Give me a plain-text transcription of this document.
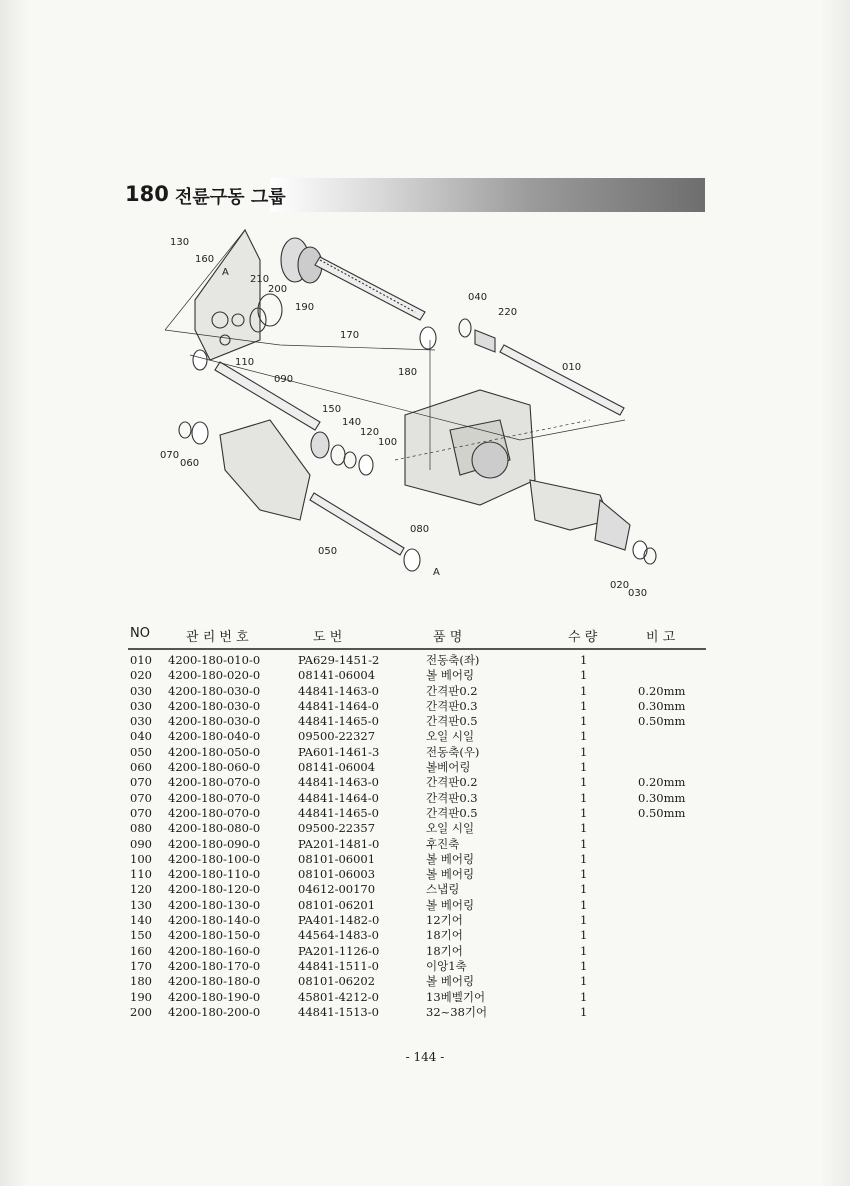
180 전륜구동 그룹
130
160
A
210
200
190
170
110
180
040
220
010
090
150
140
120
100
070
060
050
080
A
020
030
NO	관 리 번 호	도 번	품 명	수 량	비 고
010 4200-180-010-0	PA629-1451-2	전동축(좌)	1
020 4200-180-020-0	08141-06004	볼 베어링	1
030 4200-180-030-0	44841-1463-0	간격판0.2	1	0.20mm
030 4200-180-030-0	44841-1464-0	간격판0.3	1	0.30mm
030 4200-180-030-0	44841-1465-0	간격판0.5	1	0.50mm
040 4200-180-040-0	09500-22327	오일 시일	1
050 4200-180-050-0	PA601-1461-3	전동축(우)	1
060 4200-180-060-0	08141-06004	볼베어링	1
070 4200-180-070-0	44841-1463-0	간격판0.2	1	0.20mm
070 4200-180-070-0	44841-1464-0	간격판0.3	1	0.30mm
070 4200-180-070-0	44841-1465-0	간격판0.5	1	0.50mm
080 4200-180-080-0	09500-22357	오일 시일	1
090 4200-180-090-0	PA201-1481-0	후진축	1
100 4200-180-100-0	08101-06001	볼 베어링	1
110 4200-180-110-0	08101-06003	볼 베어링	1
120 4200-180-120-0	04612-00170	스냅링	1
130 4200-180-130-0	08101-06201	볼 베어링	1
140 4200-180-140-0	PA401-1482-0	12기어	1
150 4200-180-150-0	44564-1483-0	18기어	1
160 4200-180-160-0	PA201-1126-0	18기어	1
170 4200-180-170-0	44841-1511-0	이앙1축	1
180 4200-180-180-0	08101-06202	볼 베어링	1
190 4200-180-190-0	45801-4212-0	13베벨기어	1
200 4200-180-200-0	44841-1513-0	32~38기어	1
- 144 -
